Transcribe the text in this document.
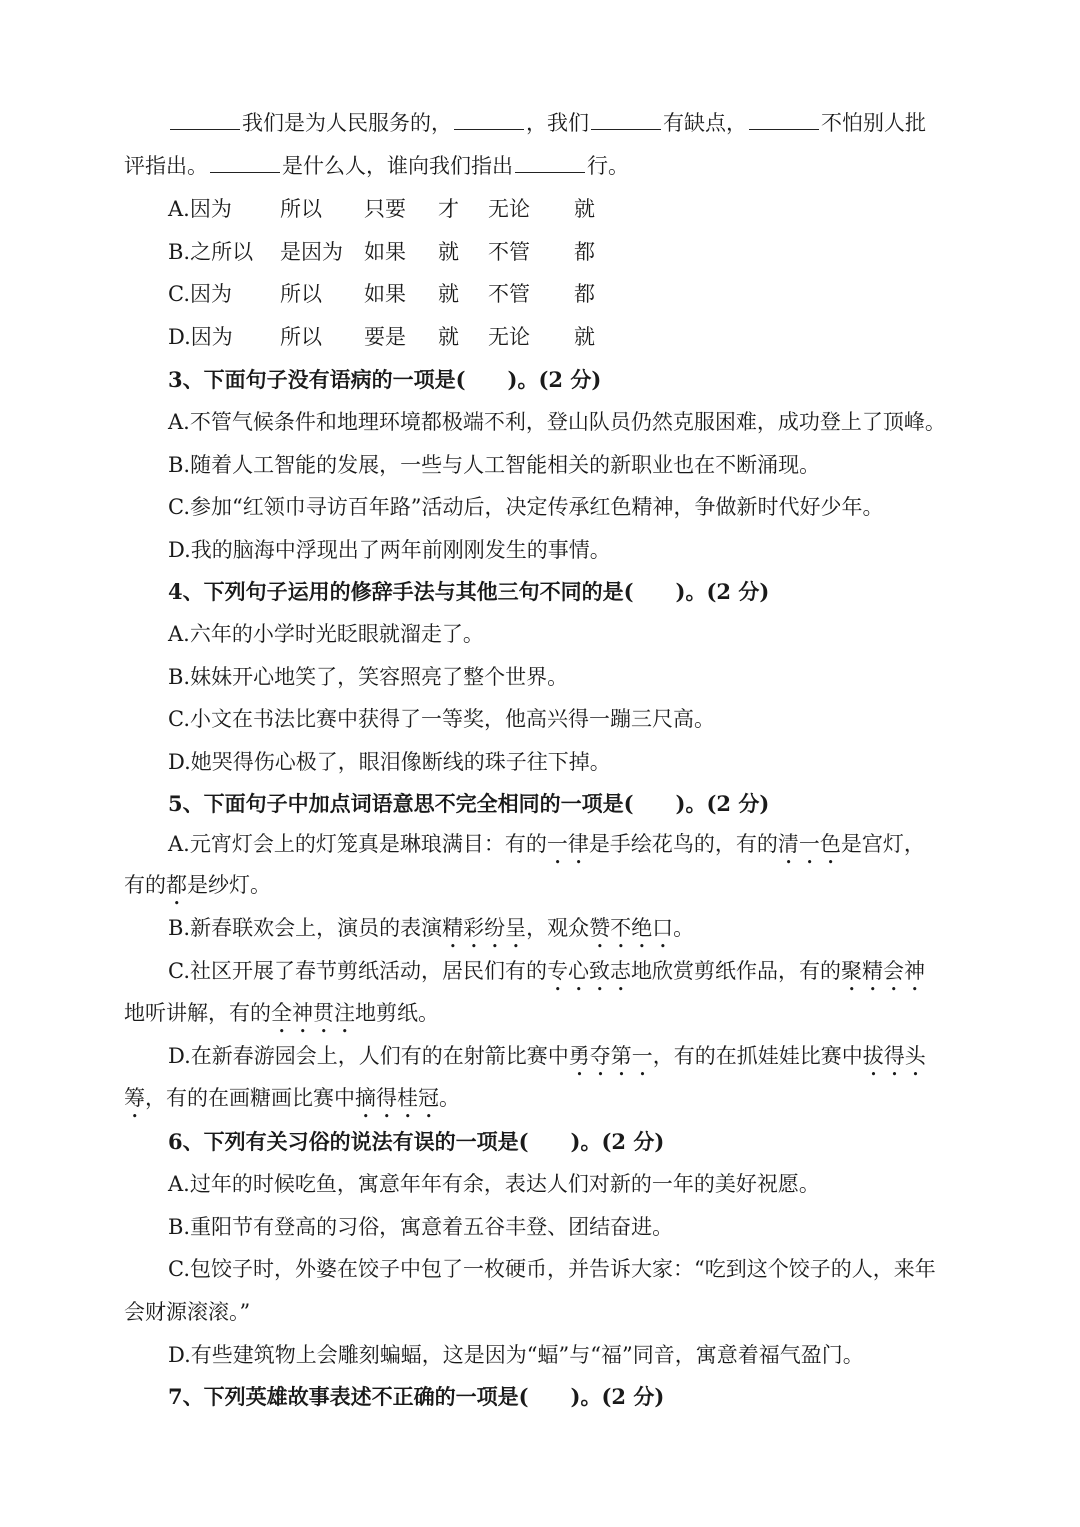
我们是为人民服务的，	，我们	有缺点，	不怕别人批
评指出。	是什么人，谁向我们指出	行。
A.因为 所以 只要 才 无论 就
B.之所以 是因为 如果 就 不管 都
C.因为 所以 如果 就 不管 都
D.因为 所以 要是 就 无论 就
3、下面句子没有语病的一项是(　　)。(2 分)
A.不管气候条件和地理环境都极端不利，登山队员仍然克服困难，成功登上了顶峰。
B.随着人工智能的发展，一些与人工智能相关的新职业也在不断涌现。
C.参加“红领巾寻访百年路”活动后，决定传承红色精神，争做新时代好少年。
D.我的脑海中浮现出了两年前刚刚发生的事情。
4、下列句子运用的修辞手法与其他三句不同的是(　　)。(2 分)
A.六年的小学时光眨眼就溜走了。
B.妹妹开心地笑了，笑容照亮了整个世界。
C.小文在书法比赛中获得了一等奖，他高兴得一蹦三尺高。
D.她哭得伤心极了，眼泪像断线的珠子往下掉。
5、下面句子中加点词语意思不完全相同的一项是(　　)。(2 分)
A.元宵灯会上的灯笼真是琳琅满目：有的一律是手绘花鸟的，有的清一色是宫灯，
有的都是纱灯。
B.新春联欢会上，演员的表演精彩纷呈，观众赞不绝口。
C.社区开展了春节剪纸活动，居民们有的专心致志地欣赏剪纸作品，有的聚精会神
地听讲解，有的全神贯注地剪纸。
D.在新春游园会上，人们有的在射箭比赛中勇夺第一，有的在抓娃娃比赛中拔得头
筹，有的在画糖画比赛中摘得桂冠。
6、下列有关习俗的说法有误的一项是(　　)。(2 分)
A.过年的时候吃鱼，寓意年年有余，表达人们对新的一年的美好祝愿。
B.重阳节有登高的习俗，寓意着五谷丰登、团结奋进。
C.包饺子时，外婆在饺子中包了一枚硬币，并告诉大家：“吃到这个饺子的人，来年
会财源滚滚。”
D.有些建筑物上会雕刻蝙蝠，这是因为“蝠”与“福”同音，寓意着福气盈门。
7、下列英雄故事表述不正确的一项是(　　)。(2 分)
